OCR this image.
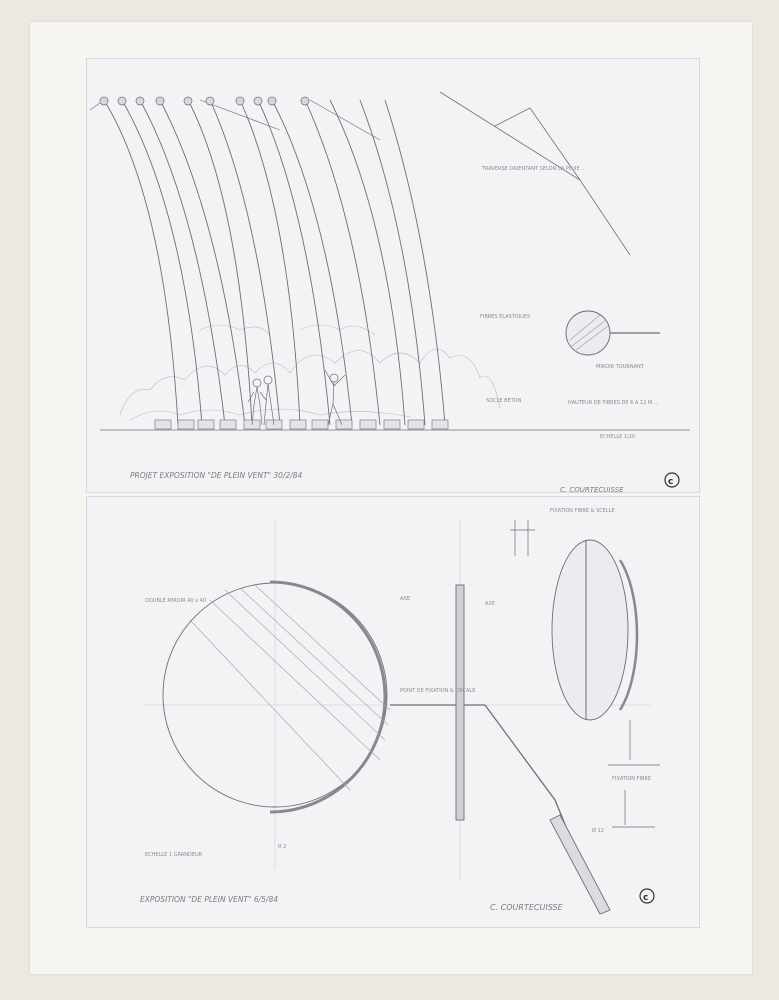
TRAVERSE ORIENTANT SELON LA PLUIE ...
FIBRES ELASTIQUES
MIROIR TOURNANT
SOCLE BETON	HAUTEUR DE FIBRES DE 6 A 12 M ...
ECHELLE 1/20
PROJET EXPOSITION "DE PLEIN VENT" 30/2/84
C. COURTECUISSE
c
DOUBLE MIROIR 40 x 40
POINT DE FIXATION & DECALE
AXE
AXE
FIXATION FIBRE & SCELLE
FIXATION FIBRE
Ø 12
ECHELLE 1 GRANDEUR
R 2
EXPOSITION "DE PLEIN VENT" 6/5/84
C. COURTECUISSE
c
